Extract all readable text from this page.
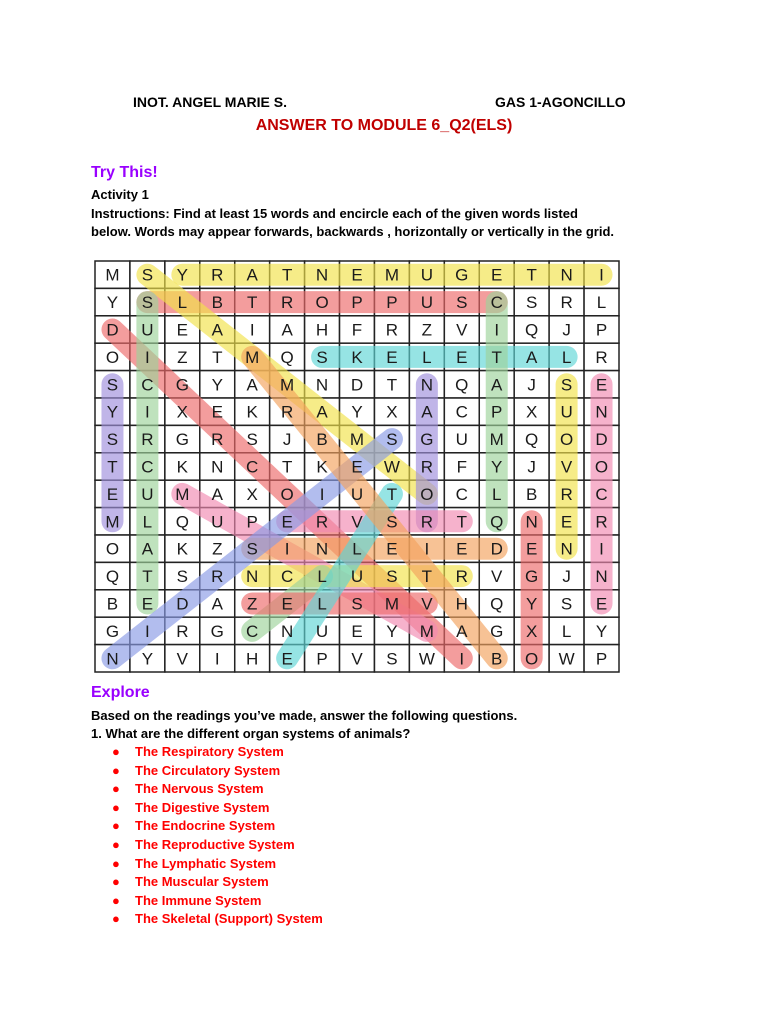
INOT. ANGEL MARIE S.	GAS 1-AGONCILLO
ANSWER TO MODULE 6_Q2(ELS)
Try This!
Activity 1
Instructions: Find at least 15 words and encircle each of the given words listed
below. Words may appear forwards, backwards , horizontally or vertically in the grid.
M S Y R A T N E M U G E T N I
Y S L B T R O P P U S C S R L
D U E A I A H F R Z V I Q J P
O I Z T M Q S K E L E T A L R
S C G Y A M N D T N Q A J S E
Y I X E K R A Y X A C P X U N
S R G R S J B M S G U M Q O D
T C K N C T K E W R F Y J V O
E U M A X O I U T O C L B R C
M L Q U P E R V S R T Q N E R
O A K Z S I N L E I E D E N I
Q T S R N C L U S T R V G J N
B E D A Z E L S M V H Q Y S E
G I R G C N U E Y M A G X L Y
N Y V I H E P V S W I B O W P
Explore
Based on the readings you’ve made, answer the following questions.
1. What are the different organ systems of animals?
● The Respiratory System
● The Circulatory System
● The Nervous System
● The Digestive System
● The Endocrine System
● The Reproductive System
● The Lymphatic System
● The Muscular System
● The Immune System
● The Skeletal (Support) System
